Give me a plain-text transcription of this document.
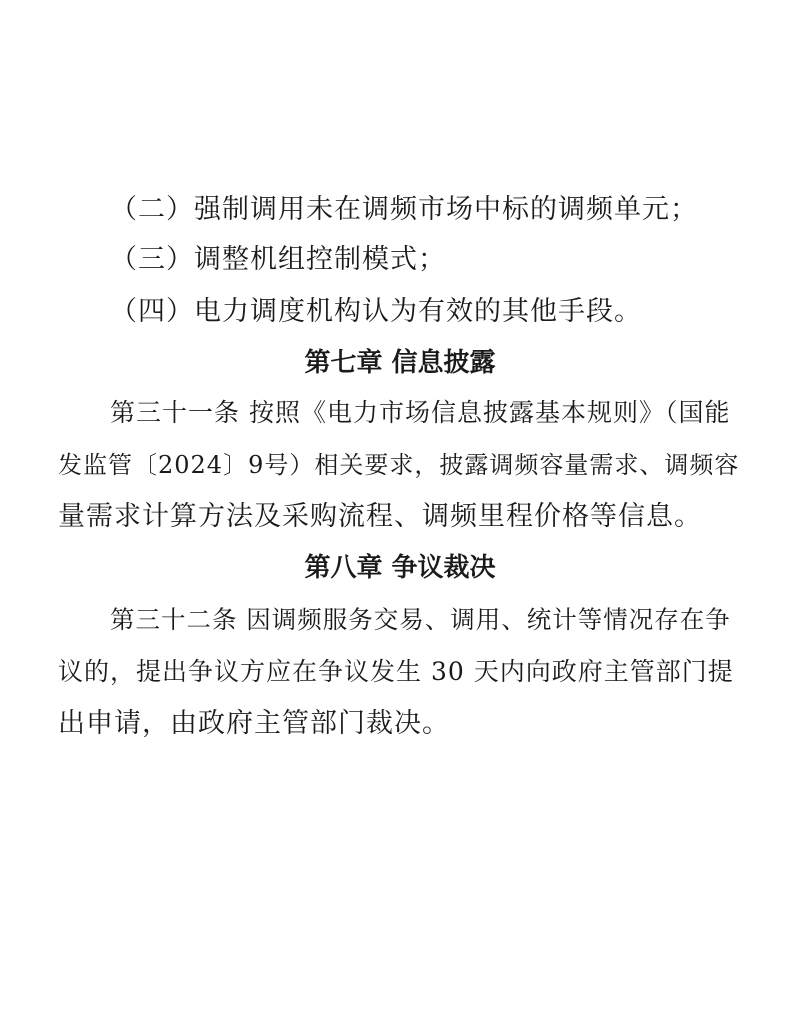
（二）强制调用未在调频市场中标的调频单元；
（三）调整机组控制模式；
（四）电力调度机构认为有效的其他手段。
第七章 信息披露
第三十一条 按照《电力市场信息披露基本规则》（国能
发监管〔2024〕9号）相关要求，披露调频容量需求、调频容
量需求计算方法及采购流程、调频里程价格等信息。
第八章 争议裁决
第三十二条 因调频服务交易、调用、统计等情况存在争
议的，提出争议方应在争议发生 30 天内向政府主管部门提
出申请，由政府主管部门裁决。
